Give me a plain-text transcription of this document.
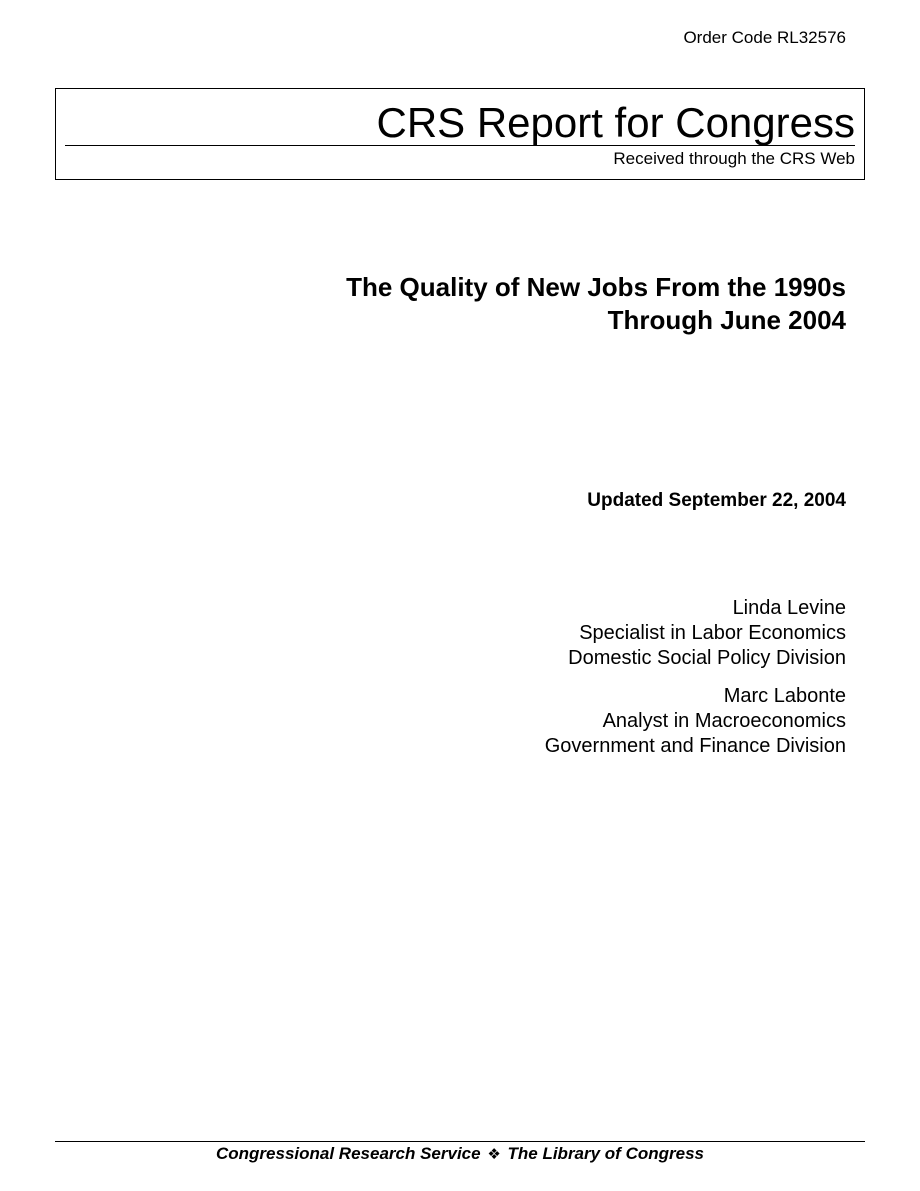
Order Code RL32576
CRS Report for Congress
Received through the CRS Web
The Quality of New Jobs From the 1990s
Through June 2004
Updated September 22, 2004
Linda Levine
Specialist in Labor Economics
Domestic Social Policy Division
Marc Labonte
Analyst in Macroeconomics
Government and Finance Division
Congressional Research Service ❖ The Library of Congress
